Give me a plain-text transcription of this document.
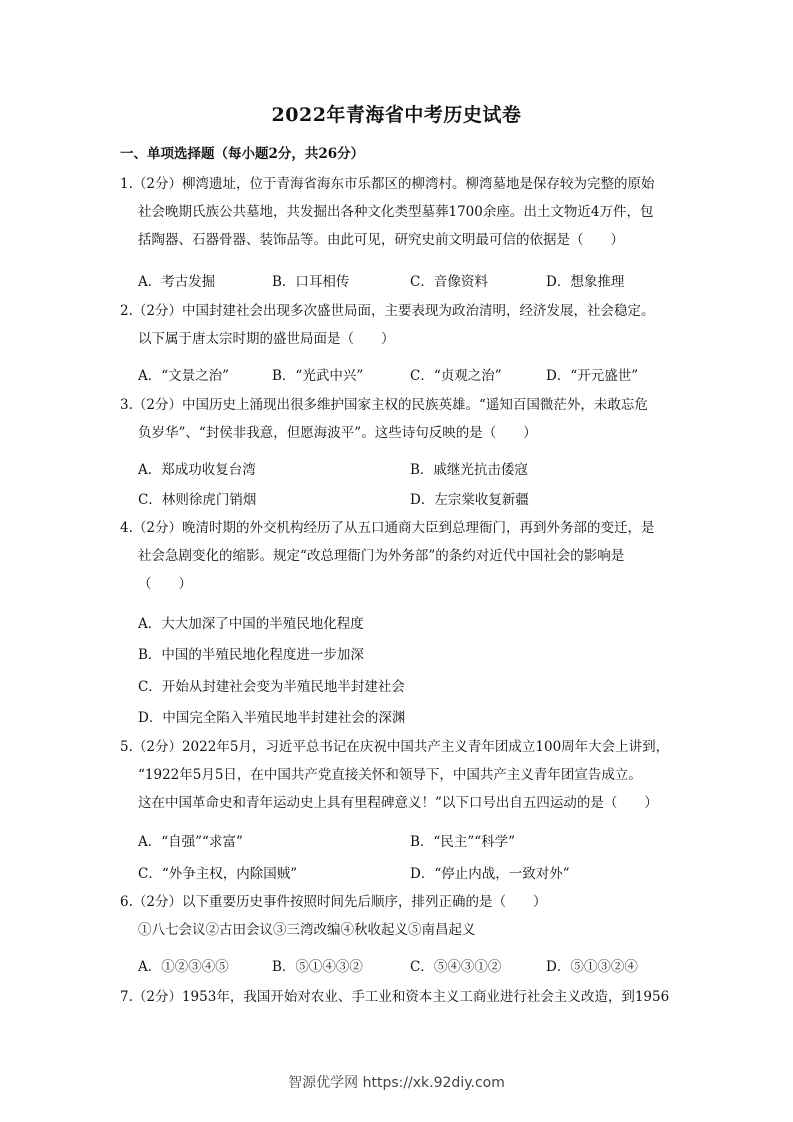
2022年青海省中考历史试卷
一、单项选择题（每小题2分，共26分）
1.（2分）柳湾遗址，位于青海省海东市乐都区的柳湾村。柳湾墓地是保存较为完整的原始
社会晚期氏族公共墓地，共发掘出各种文化类型墓葬1700余座。出土文物近4万件，包
括陶器、石器骨器、装饰品等。由此可见，研究史前文明最可信的依据是（　　）
A．考古发掘	B．口耳相传	C．音像资料	D．想象推理
2.（2分）中国封建社会出现多次盛世局面，主要表现为政治清明，经济发展，社会稳定。
以下属于唐太宗时期的盛世局面是（　　）
A．“文景之治”	B．“光武中兴”	C．“贞观之治”	D．“开元盛世”
3.（2分）中国历史上涌现出很多维护国家主权的民族英雄。“遥知百国微茫外，未敢忘危
负岁华”、“封侯非我意，但愿海波平”。这些诗句反映的是（　　）
A．郑成功收复台湾	B．戚继光抗击倭寇
C．林则徐虎门销烟	D．左宗棠收复新疆
4.（2分）晚清时期的外交机构经历了从五口通商大臣到总理衙门，再到外务部的变迁，是
社会急剧变化的缩影。规定“改总理衙门为外务部”的条约对近代中国社会的影响是
（　　）
A．大大加深了中国的半殖民地化程度
B．中国的半殖民地化程度进一步加深
C．开始从封建社会变为半殖民地半封建社会
D．中国完全陷入半殖民地半封建社会的深渊
5.（2分）2022年5月，习近平总书记在庆祝中国共产主义青年团成立100周年大会上讲到，
“1922年5月5日，在中国共产党直接关怀和领导下，中国共产主义青年团宣告成立。
这在中国革命史和青年运动史上具有里程碑意义！”以下口号出自五四运动的是（　　）
A．“自强”“求富”	B．“民主”“科学”
C．“外争主权，内除国贼”	D．“停止内战，一致对外”
6.（2分）以下重要历史事件按照时间先后顺序，排列正确的是（　　）
①八七会议②古田会议③三湾改编④秋收起义⑤南昌起义
A．①②③④⑤	B．⑤①④③②	C．⑤④③①②	D．⑤①③②④
7.（2分）1953年，我国开始对农业、手工业和资本主义工商业进行社会主义改造，到1956
智源优学网 https://xk.92diy.com
